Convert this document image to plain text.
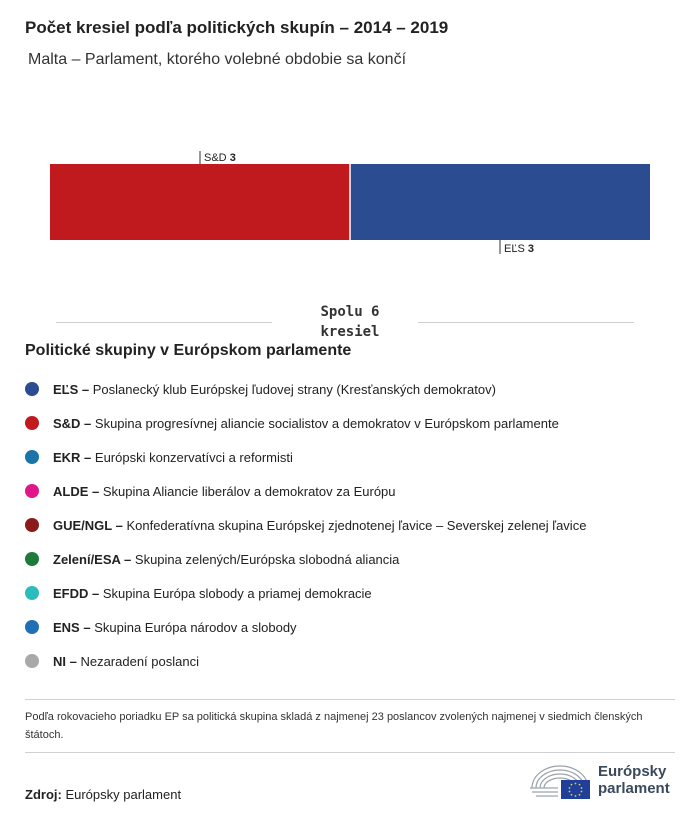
Počet kresiel podľa politických skupín – 2014 – 2019
Malta – Parlament, ktorého volebné obdobie sa končí
S&D 3
EĽS 3
Spolu 6 kresiel
Politické skupiny v Európskom parlamente
EĽS – Poslanecký klub Európskej ľudovej strany (Kresťanských demokratov)
S&D – Skupina progresívnej aliancie socialistov a demokratov v Európskom parlamente
EKR – Európski konzervatívci a reformisti
ALDE – Skupina Aliancie liberálov a demokratov za Európu
GUE/NGL – Konfederatívna skupina Európskej zjednotenej ľavice – Severskej zelenej ľavice
Zelení/ESA – Skupina zelených/Európska slobodná aliancia
EFDD – Skupina Európa slobody a priamej demokracie
ENS – Skupina Európa národov a slobody
NI – Nezaradení poslanci
Podľa rokovacieho poriadku EP sa politická skupina skladá z najmenej 23 poslancov zvolených najmenej v siedmich členských štátoch.
Zdroj: Európsky parlament
Európsky
parlament
